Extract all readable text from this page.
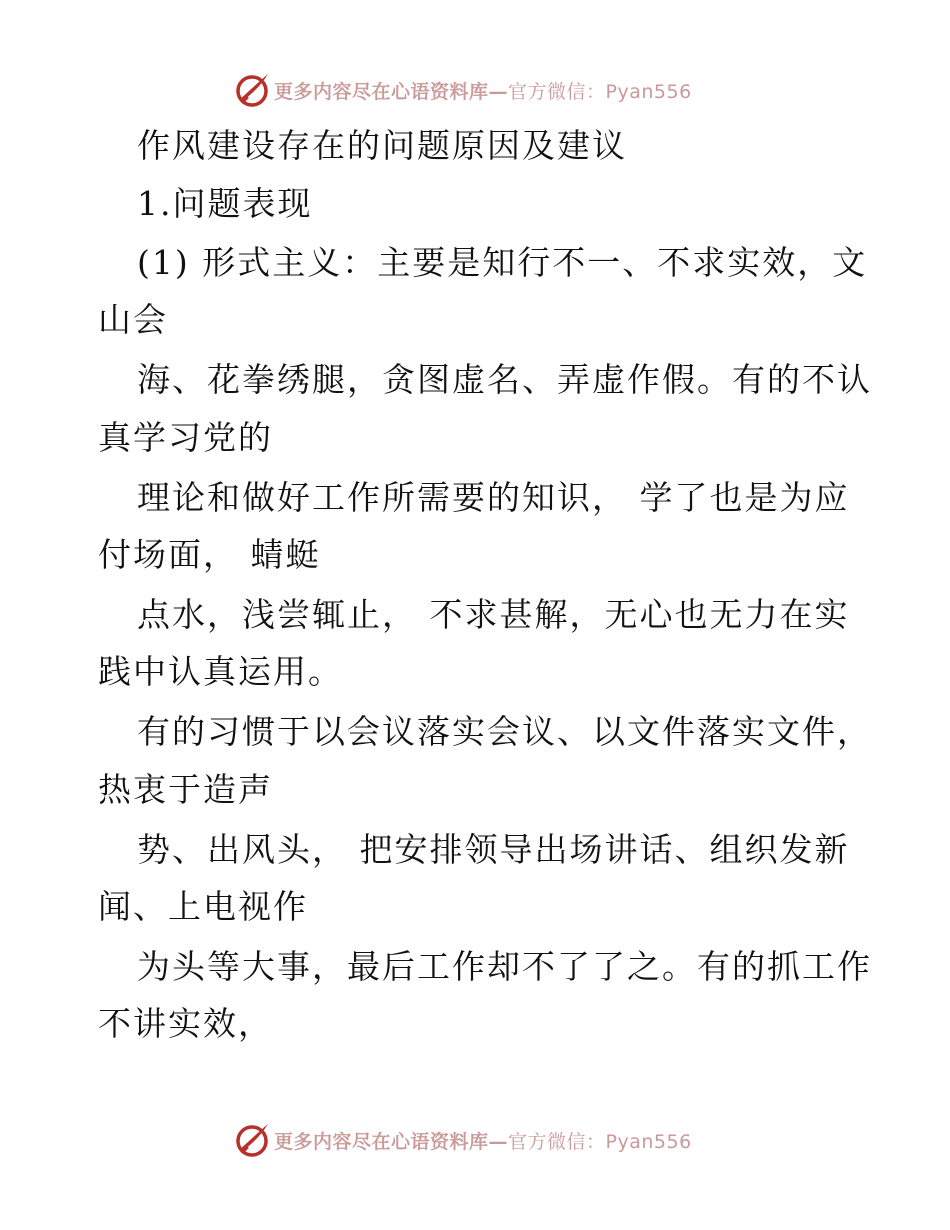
更多内容尽在心语资料库—官方微信：Pyan556
作风建设存在的问题原因及建议
1.问题表现
(1) 形式主义：主要是知行不一、不求实效，文
山会
海、花拳绣腿，贪图虚名、弄虚作假。有的不认
真学习党的
理论和做好工作所需要的知识， 学了也是为应
付场面， 蜻蜓
点水，浅尝辄止， 不求甚解，无心也无力在实
践中认真运用。
有的习惯于以会议落实会议、以文件落实文件，
热衷于造声
势、出风头， 把安排领导出场讲话、组织发新
闻、上电视作
为头等大事，最后工作却不了了之。有的抓工作
不讲实效，
更多内容尽在心语资料库—官方微信：Pyan556
